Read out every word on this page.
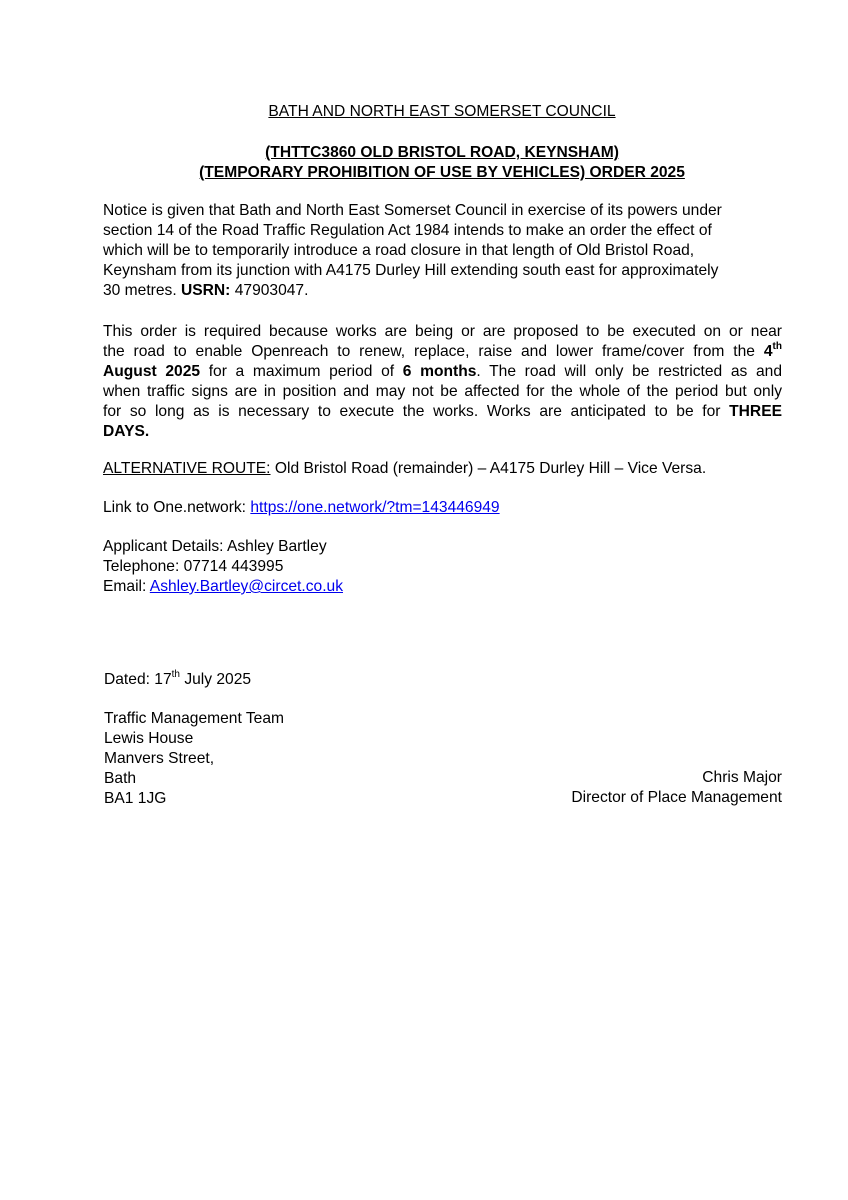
BATH AND NORTH EAST SOMERSET COUNCIL
(THTTC3860 OLD BRISTOL ROAD, KEYNSHAM)
(TEMPORARY PROHIBITION OF USE BY VEHICLES) ORDER 2025
Notice is given that Bath and North East Somerset Council in exercise of its powers under
section 14 of the Road Traffic Regulation Act 1984 intends to make an order the effect of
which will be to temporarily introduce a road closure in that length of Old Bristol Road,
Keynsham from its junction with A4175 Durley Hill extending south east for approximately
30 metres. USRN: 47903047.
This order is required because works are being or are proposed to be executed on or near
the road to enable Openreach to renew, replace, raise and lower frame/cover from the 4th
August 2025 for a maximum period of 6 months. The road will only be restricted as and
when traffic signs are in position and may not be affected for the whole of the period but only
for so long as is necessary to execute the works. Works are anticipated to be for THREE
DAYS.
ALTERNATIVE ROUTE: Old Bristol Road (remainder) – A4175 Durley Hill – Vice Versa.
Link to One.network: https://one.network/?tm=143446949
Applicant Details: Ashley Bartley
Telephone: 07714 443995
Email: Ashley.Bartley@circet.co.uk
Dated: 17th July 2025
Traffic Management Team
Lewis House
Manvers Street,
Bath
BA1 1JG
Chris Major
Director of Place Management
